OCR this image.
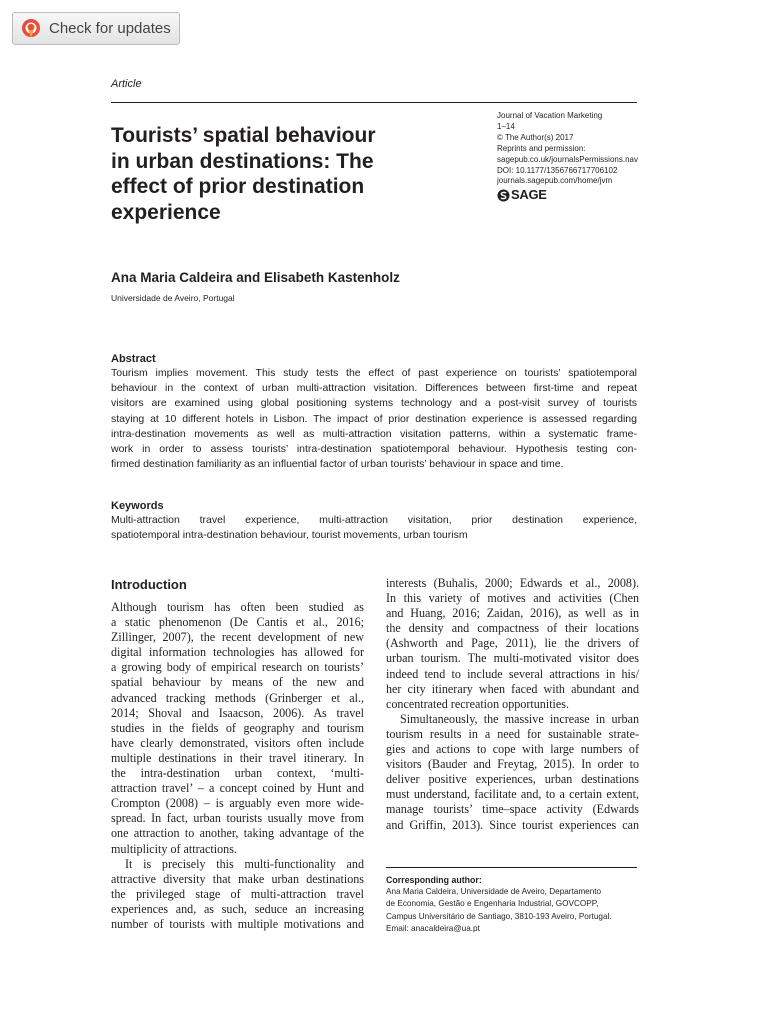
Check for updates
Article
Tourists’ spatial behaviour
in urban destinations: The
effect of prior destination
experience
Journal of Vacation Marketing
1–14
© The Author(s) 2017
Reprints and permission:
sagepub.co.uk/journalsPermissions.nav
DOI: 10.1177/1356766717706102
journals.sagepub.com/home/jvm
SAGE
Ana Maria Caldeira and Elisabeth Kastenholz
Universidade de Aveiro, Portugal
Abstract
Tourism implies movement. This study tests the effect of past experience on tourists’ spatiotemporal
behaviour in the context of urban multi-attraction visitation. Differences between first-time and repeat
visitors are examined using global positioning systems technology and a post-visit survey of tourists
staying at 10 different hotels in Lisbon. The impact of prior destination experience is assessed regarding
intra-destination movements as well as multi-attraction visitation patterns, within a systematic frame-
work in order to assess tourists’ intra-destination spatiotemporal behaviour. Hypothesis testing con-
firmed destination familiarity as an influential factor of urban tourists’ behaviour in space and time.
Keywords
Multi-attraction travel experience, multi-attraction visitation, prior destination experience,
spatiotemporal intra-destination behaviour, tourist movements, urban tourism
Introduction
Although tourism has often been studied as
a static phenomenon (De Cantis et al., 2016;
Zillinger, 2007), the recent development of new
digital information technologies has allowed for
a growing body of empirical research on tourists’
spatial behaviour by means of the new and
advanced tracking methods (Grinberger et al.,
2014; Shoval and Isaacson, 2006). As travel
studies in the fields of geography and tourism
have clearly demonstrated, visitors often include
multiple destinations in their travel itinerary. In
the intra-destination urban context, ‘multi-
attraction travel’ – a concept coined by Hunt and
Crompton (2008) – is arguably even more wide-
spread. In fact, urban tourists usually move from
one attraction to another, taking advantage of the
multiplicity of attractions.
It is precisely this multi-functionality and
attractive diversity that make urban destinations
the privileged stage of multi-attraction travel
experiences and, as such, seduce an increasing
number of tourists with multiple motivations and
interests (Buhalis, 2000; Edwards et al., 2008).
In this variety of motives and activities (Chen
and Huang, 2016; Zaidan, 2016), as well as in
the density and compactness of their locations
(Ashworth and Page, 2011), lie the drivers of
urban tourism. The multi-motivated visitor does
indeed tend to include several attractions in his/
her city itinerary when faced with abundant and
concentrated recreation opportunities.
Simultaneously, the massive increase in urban
tourism results in a need for sustainable strate-
gies and actions to cope with large numbers of
visitors (Bauder and Freytag, 2015). In order to
deliver positive experiences, urban destinations
must understand, facilitate and, to a certain extent,
manage tourists’ time–space activity (Edwards
and Griffin, 2013). Since tourist experiences can
Corresponding author:
Ana Maria Caldeira, Universidade de Aveiro, Departamento
de Economia, Gestão e Engenharia Industrial, GOVCOPP,
Campus Universitário de Santiago, 3810-193 Aveiro, Portugal.
Email: anacaldeira@ua.pt
